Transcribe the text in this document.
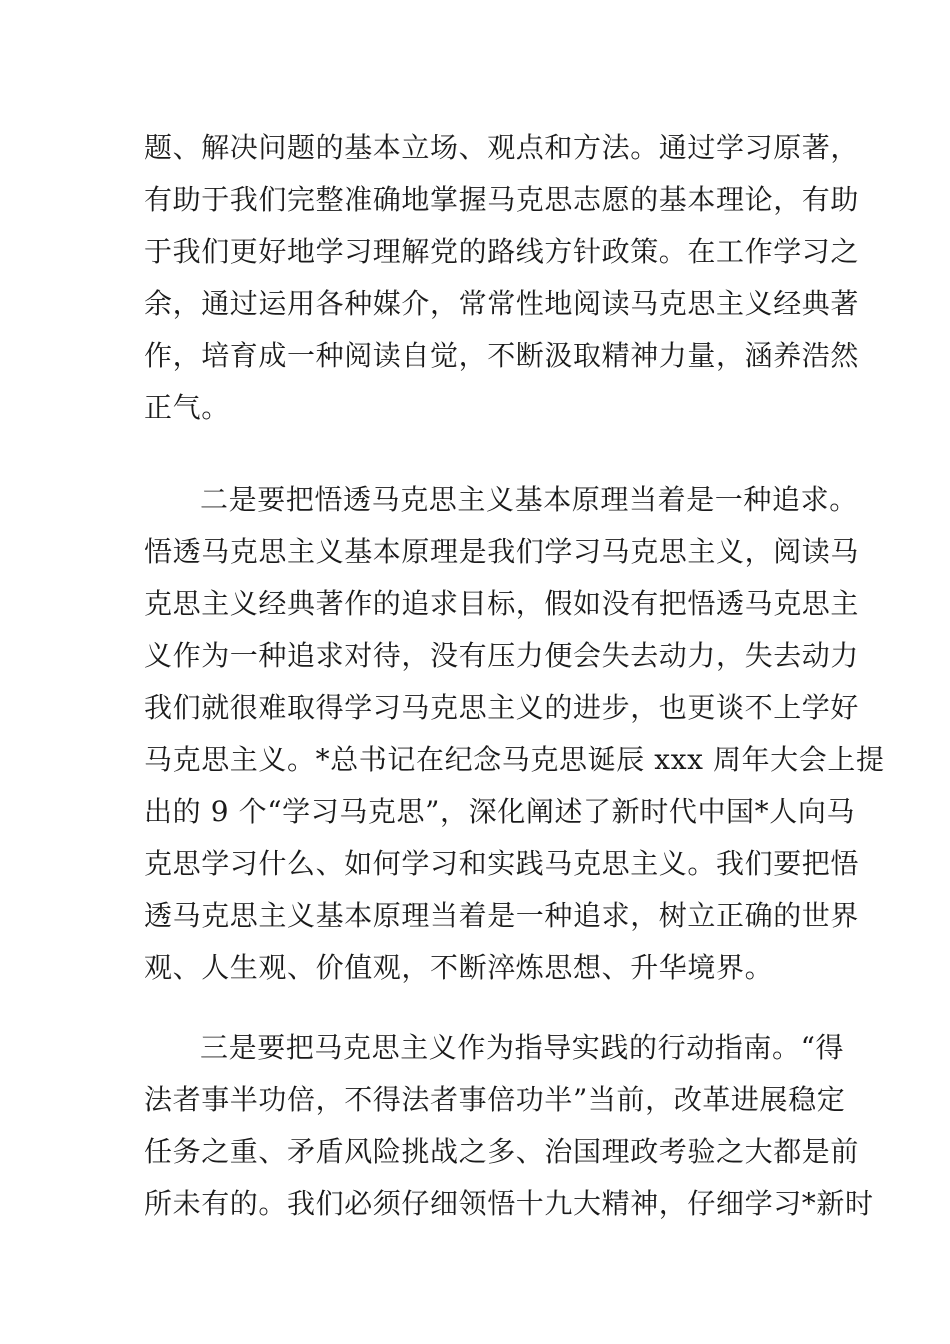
题、解决问题的基本立场、观点和方法。通过学习原著，
有助于我们完整准确地掌握马克思志愿的基本理论，有助
于我们更好地学习理解党的路线方针政策。在工作学习之
余，通过运用各种媒介，常常性地阅读马克思主义经典著
作，培育成一种阅读自觉，不断汲取精神力量，涵养浩然
正气。
二是要把悟透马克思主义基本原理当着是一种追求。
悟透马克思主义基本原理是我们学习马克思主义，阅读马
克思主义经典著作的追求目标，假如没有把悟透马克思主
义作为一种追求对待，没有压力便会失去动力，失去动力
我们就很难取得学习马克思主义的进步，也更谈不上学好
马克思主义。*总书记在纪念马克思诞辰 xxx 周年大会上提
出的 9 个“学习马克思”，深化阐述了新时代中国*人向马
克思学习什么、如何学习和实践马克思主义。我们要把悟
透马克思主义基本原理当着是一种追求，树立正确的世界
观、人生观、价值观，不断淬炼思想、升华境界。
三是要把马克思主义作为指导实践的行动指南。“得
法者事半功倍，不得法者事倍功半”当前，改革进展稳定
任务之重、矛盾风险挑战之多、治国理政考验之大都是前
所未有的。我们必须仔细领悟十九大精神，仔细学习*新时
